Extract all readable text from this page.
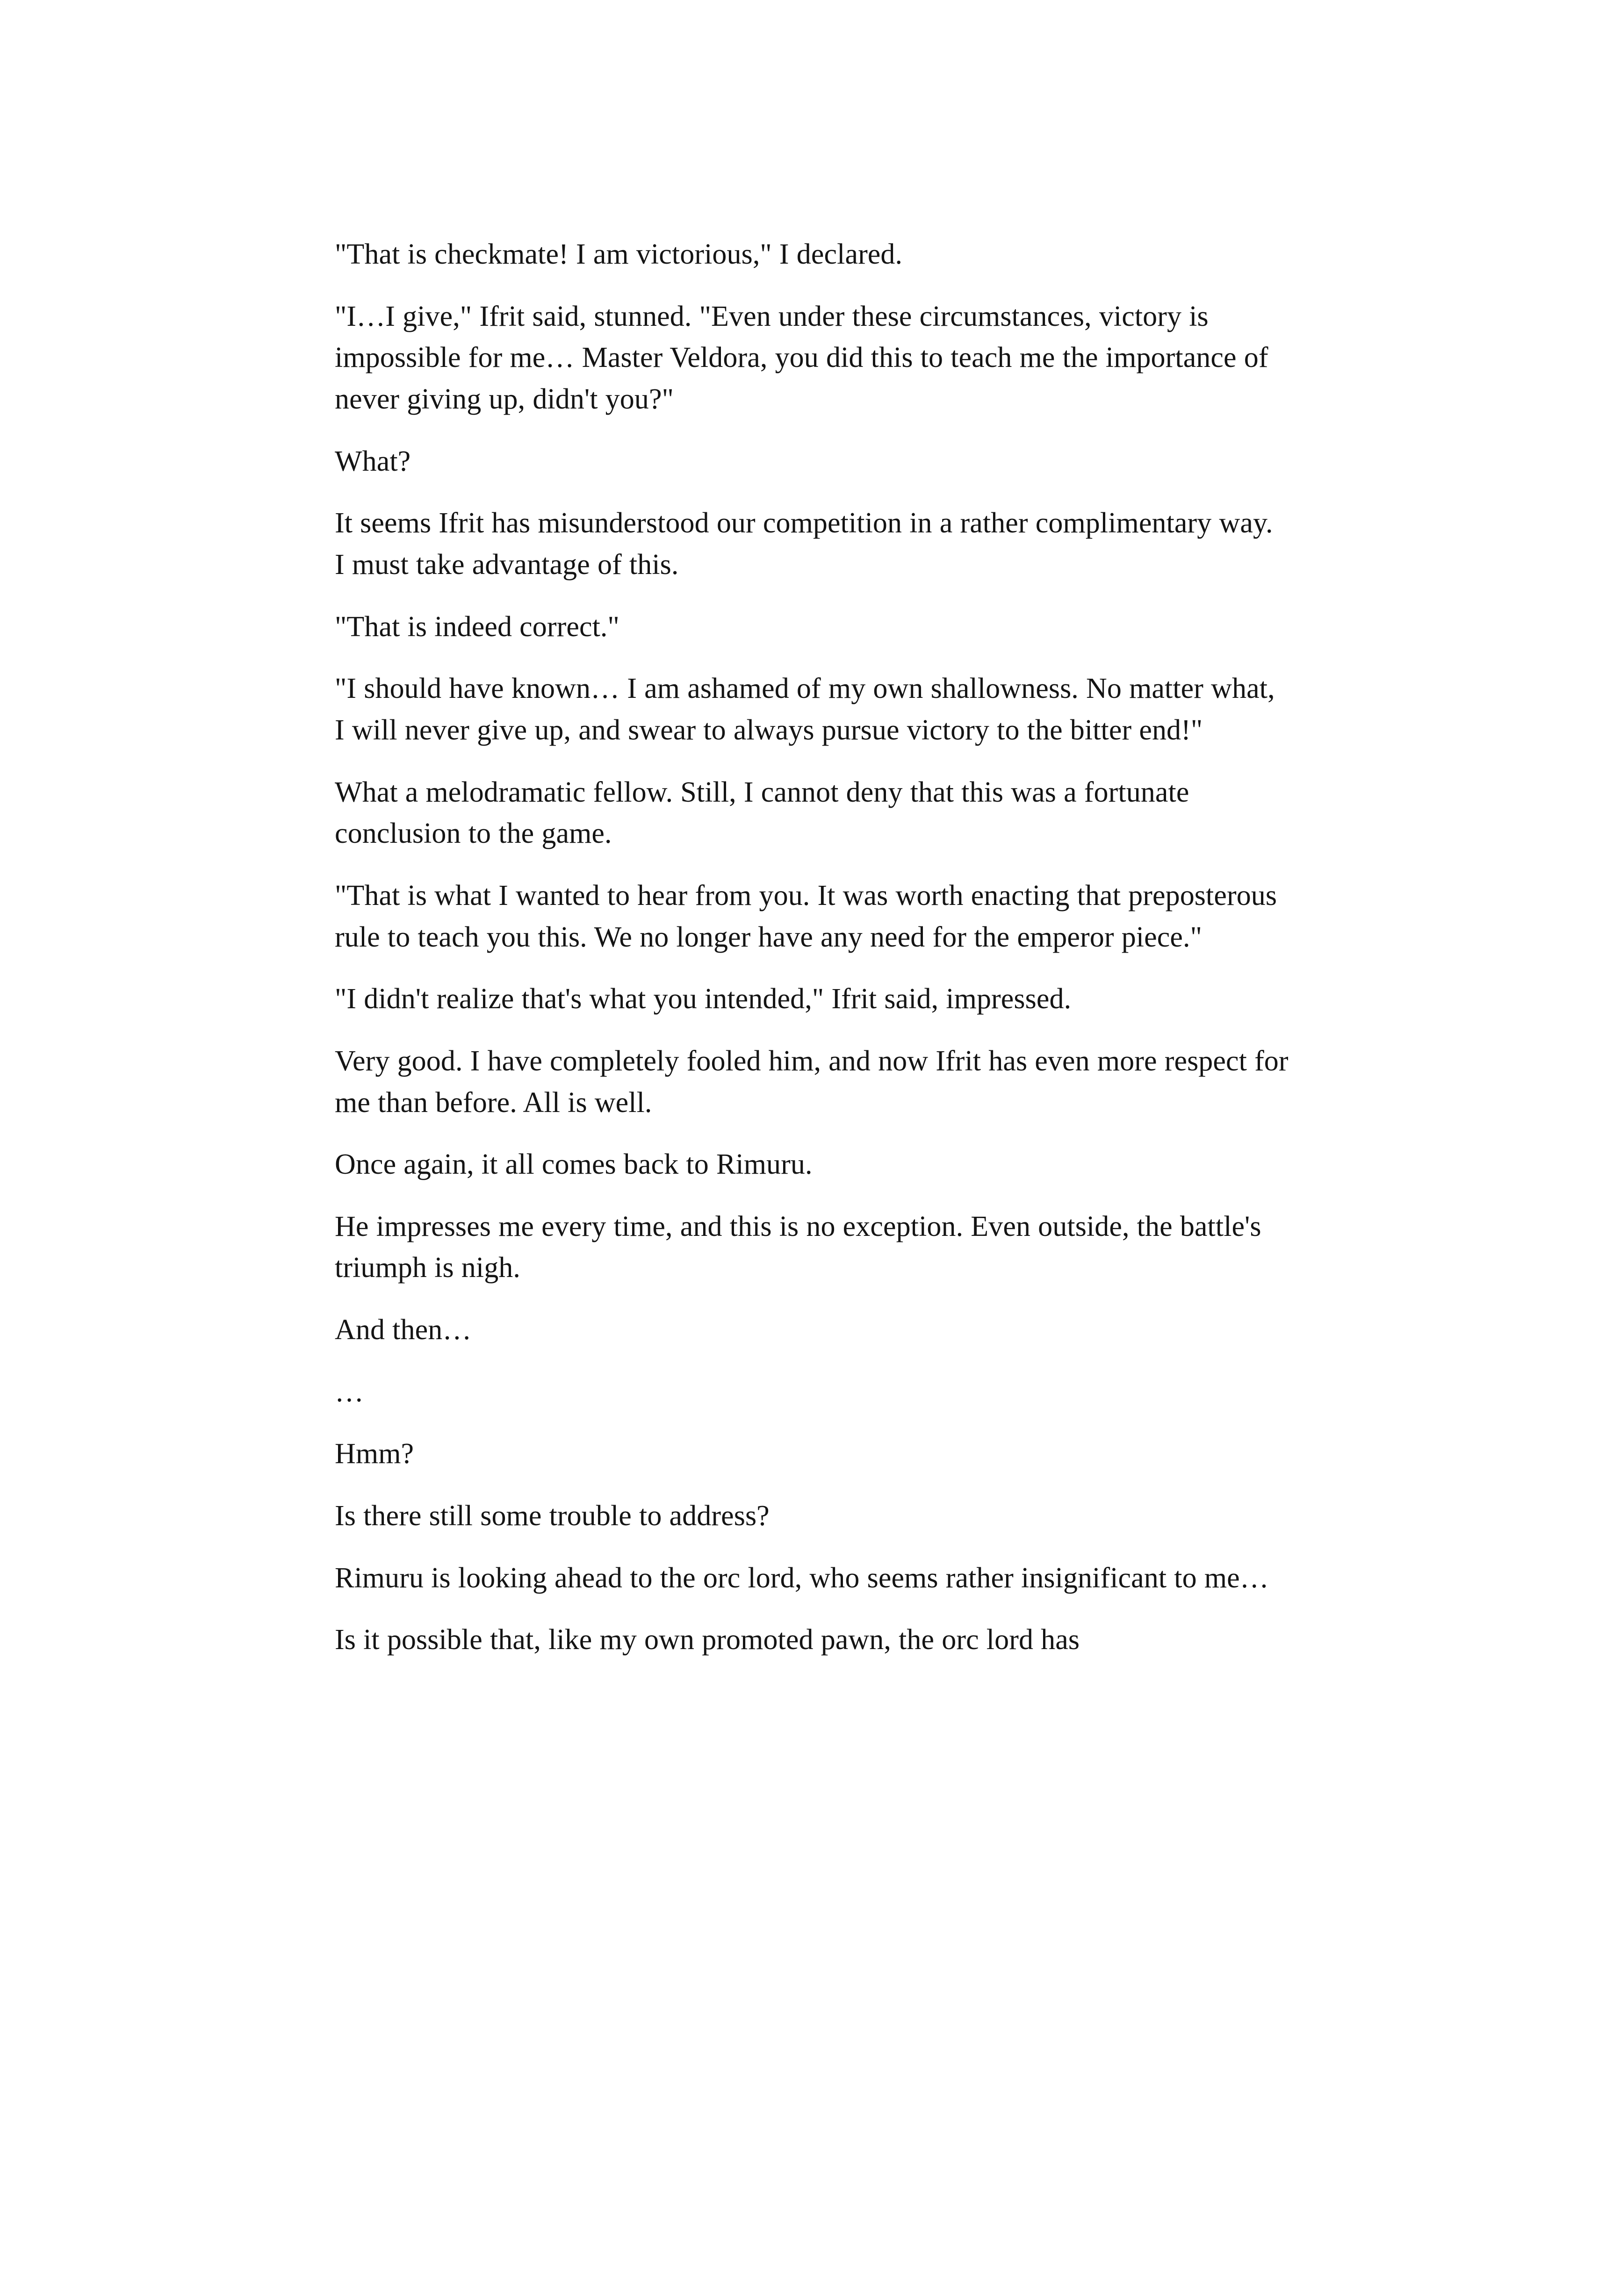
"That is checkmate! I am victorious," I declared.

"I…I give," Ifrit said, stunned. "Even under these circumstances, victory is impossible for me… Master Veldora, you did this to teach me the importance of never giving up, didn't you?"

What?

It seems Ifrit has misunderstood our competition in a rather complimentary way. I must take advantage of this.

"That is indeed correct."

"I should have known… I am ashamed of my own shallowness. No matter what, I will never give up, and swear to always pursue victory to the bitter end!"

What a melodramatic fellow. Still, I cannot deny that this was a fortunate conclusion to the game.

"That is what I wanted to hear from you. It was worth enacting that preposterous rule to teach you this. We no longer have any need for the emperor piece."

"I didn't realize that's what you intended," Ifrit said, impressed.

Very good. I have completely fooled him, and now Ifrit has even more respect for me than before. All is well.

Once again, it all comes back to Rimuru.

He impresses me every time, and this is no exception. Even outside, the battle's triumph is nigh.

And then…

…

Hmm?

Is there still some trouble to address?

Rimuru is looking ahead to the orc lord, who seems rather insignificant to me…

Is it possible that, like my own promoted pawn, the orc lord has
